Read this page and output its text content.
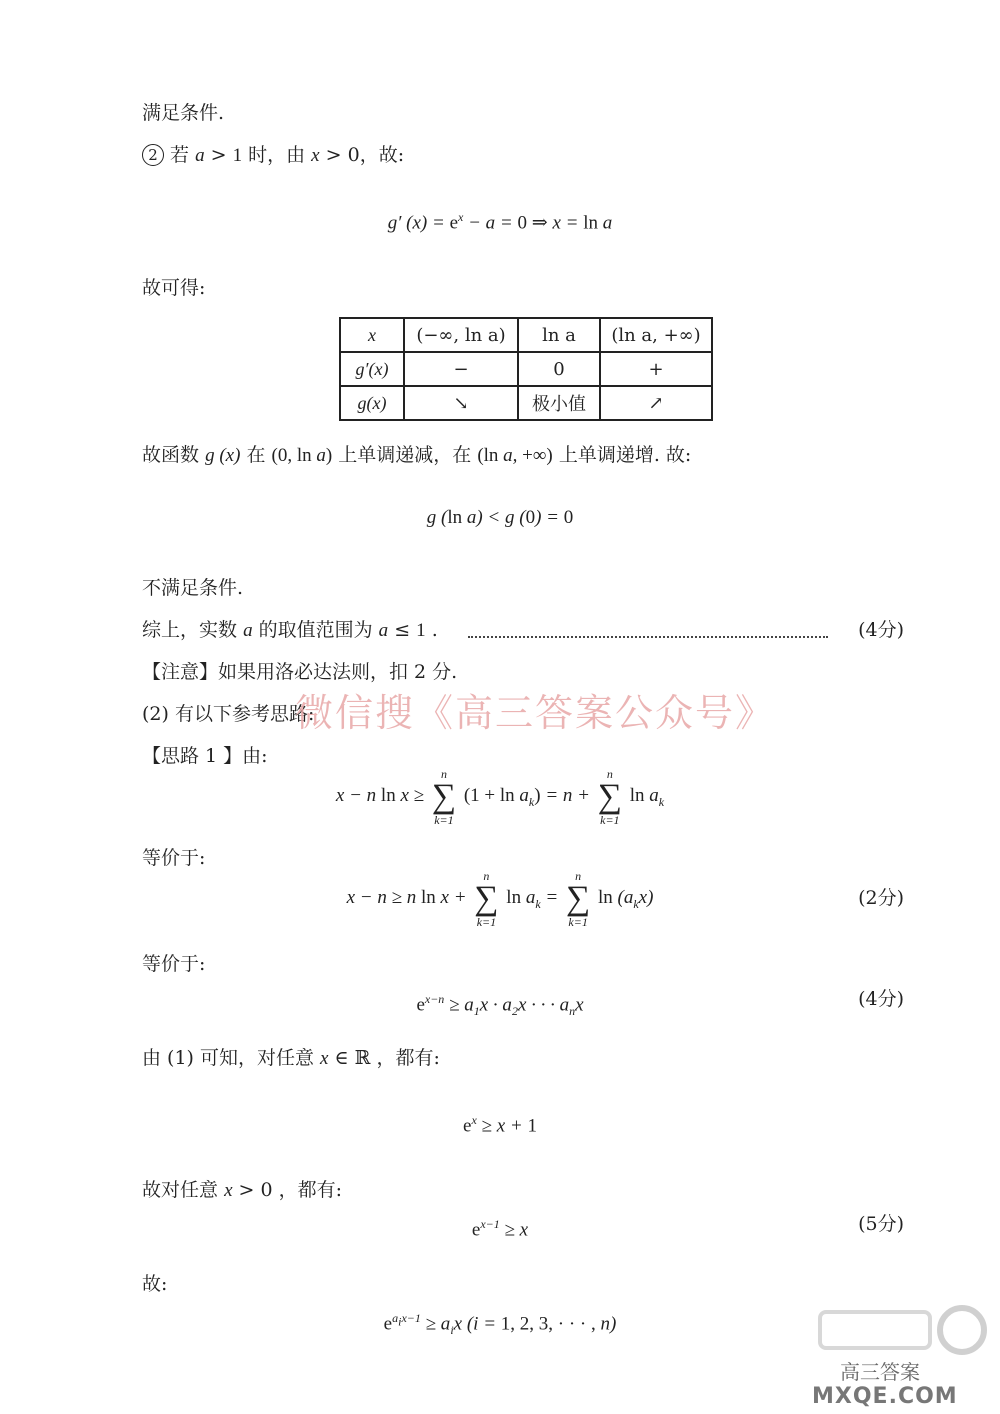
满足条件.
2 若 a > 1 时，由 x > 0，故:
g′ $(x) = e^x - a = 0$ ⇒ x = ln a
故可得:
x	(−∞, ln a)	ln a	(ln a, +∞)
g′(x)	−	0	+
g(x)	↘	极小值	↗
故函数 g (x) 在 (0, ln a) 上单调递减，在 (ln a, +∞) 上单调递增. 故:
g (ln a) < g (0) = 0
不满足条件.
综上，实数 a 的取值范围为 a ≤ 1 .	(4分)
【注意】如果用洛必达法则，扣 2 分.
(2) 有以下参考思路:
微信搜《高三答案公众号》
【思路 1 】由:
x − n ln x ≥
n
∑
k=1
$(1 + \ln a_k) = n$ +
n
∑
k=1
$\ln a_k$
等价于:
x − n ≥ n ln x +
n
∑
k=1
$\ln a_k$ =
n
∑
k=1
$\ln (a_kx)$	(2分)
等价于:
$e^{x-n} \ge a_1x \cdot a_2x$ · · · $a_nx$	(4分)
由 (1) 可知，对任意 x ∈ ℝ ，都有:
$e^x \ge x + 1$
故对任意 x > 0 ，都有:
$e^{x-1} \ge x$	(5分)
故:
$e^{a_ix-1} \ge a_ix$ (i = 1, 2, 3, · · · , n)
高三答案
MXQE.COM
